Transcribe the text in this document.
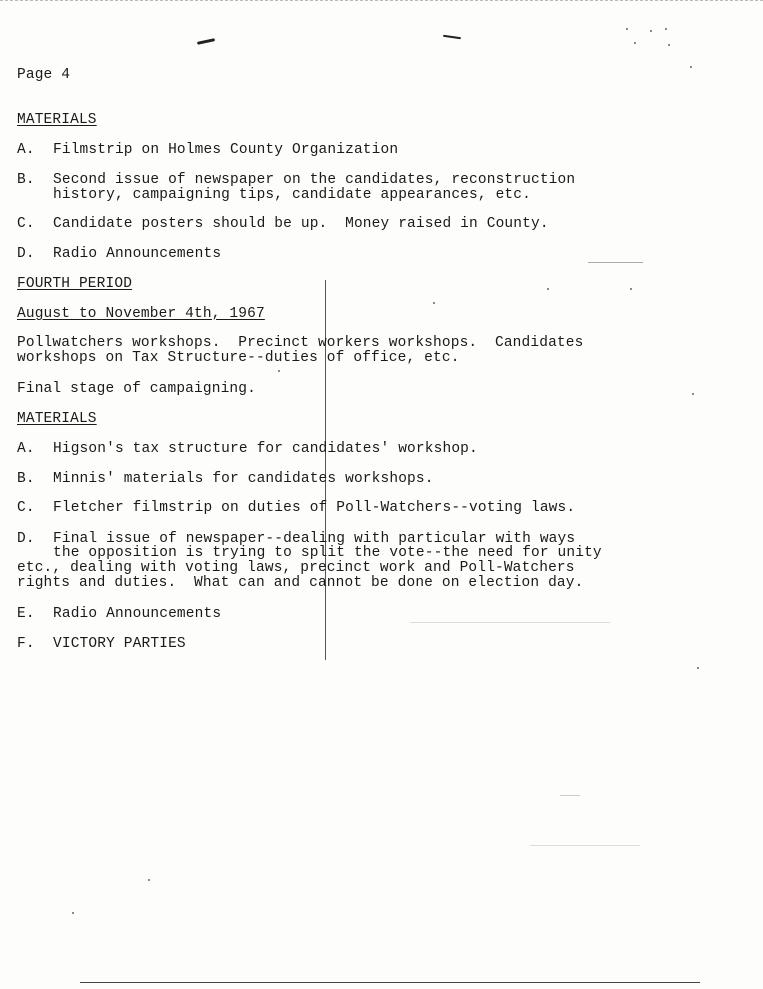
Page 4
MATERIALS
A. Filmstrip on Holmes County Organization
B. Second issue of newspaper on the candidates, reconstruction
history, campaigning tips, candidate appearances, etc.
C. Candidate posters should be up.  Money raised in County.
D. Radio Announcements
FOURTH PERIOD
August to November 4th, 1967
Pollwatchers workshops.  Precinct workers workshops.  Candidates
workshops on Tax Structure--duties of office, etc.
Final stage of campaigning.
MATERIALS
A. Higson's tax structure for candidates' workshop.
B. Minnis' materials for candidates workshops.
C. Fletcher filmstrip on duties of Poll-Watchers--voting laws.
D. Final issue of newspaper--dealing with particular with ways
the opposition is trying to split the vote--the need for unity
etc., dealing with voting laws, precinct work and Poll-Watchers
rights and duties.  What can and cannot be done on election day.
E. Radio Announcements
F. VICTORY PARTIES
